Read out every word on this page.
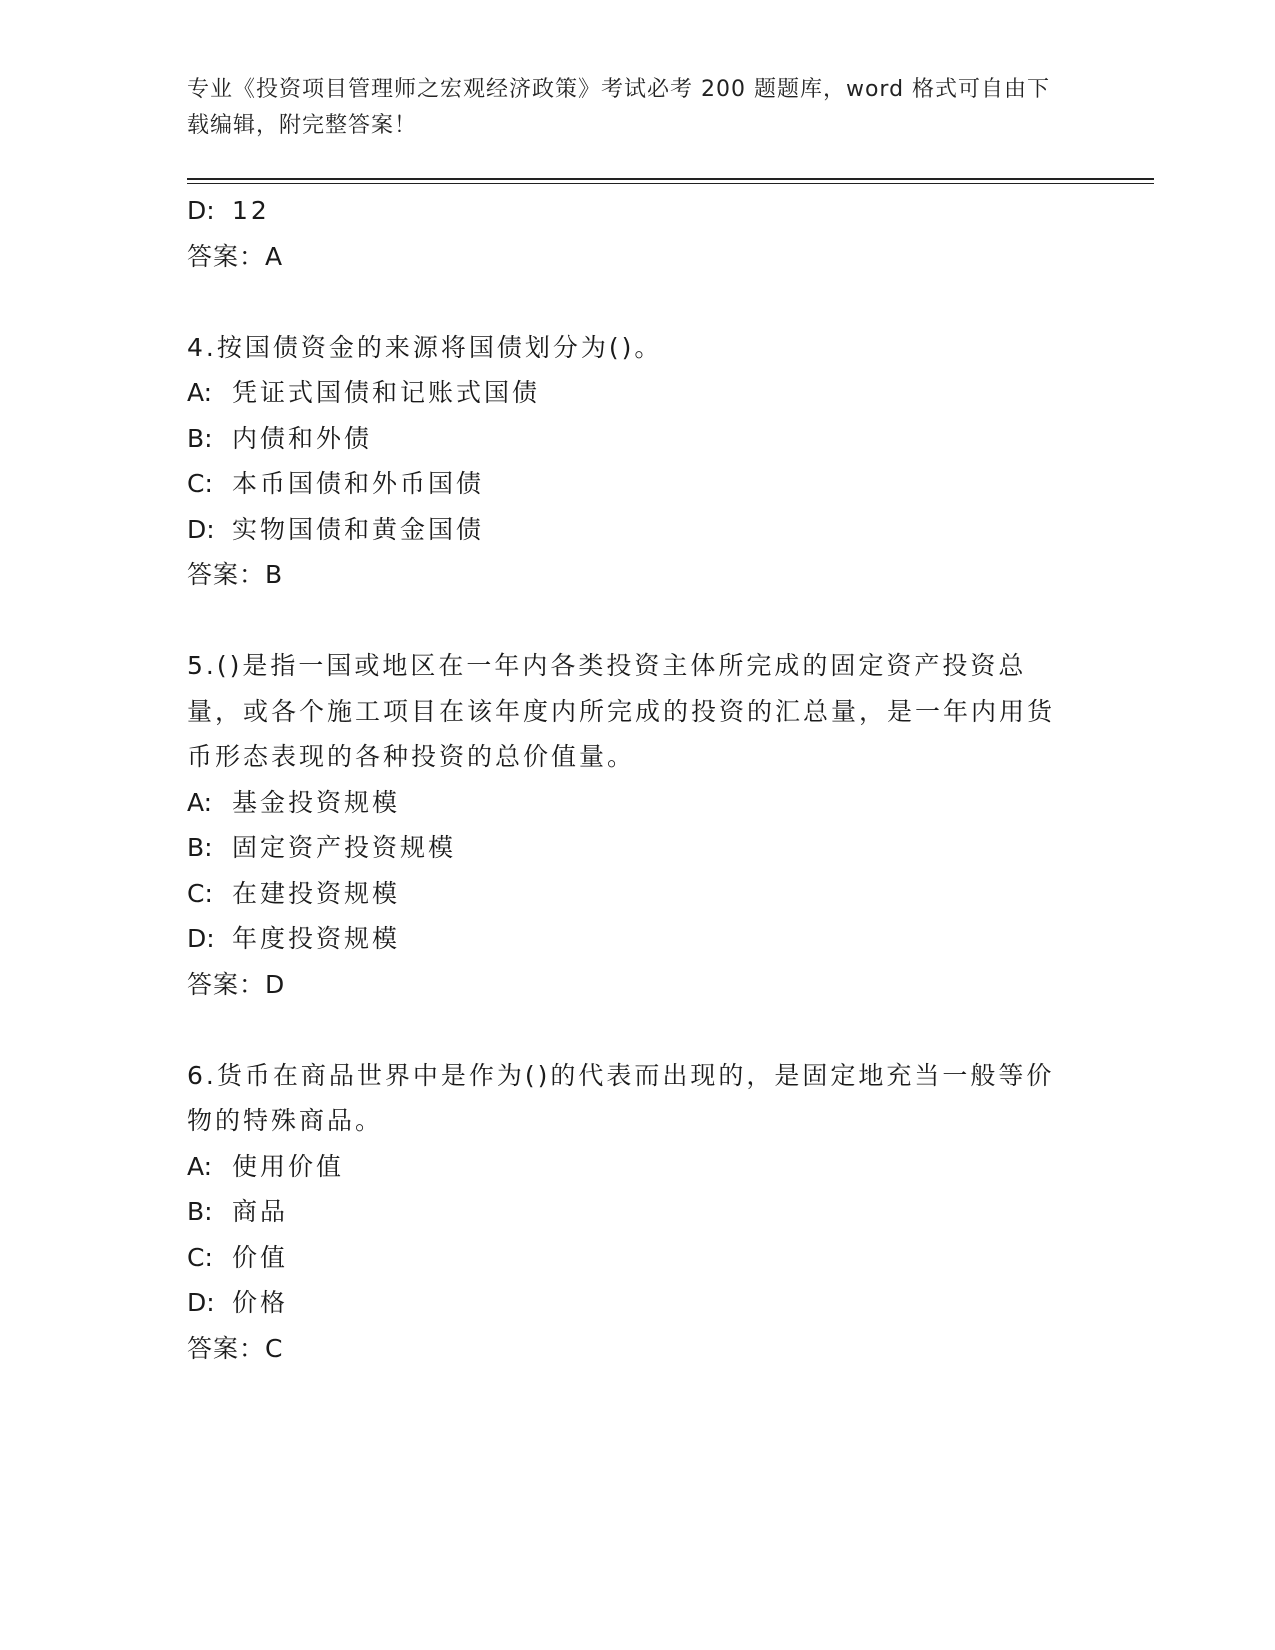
专业《投资项目管理师之宏观经济政策》考试必考 200 题题库，word 格式可自由下载编辑，附完整答案！
D: 12
答案：A
4.按国债资金的来源将国债划分为()。
A: 凭证式国债和记账式国债
B: 内债和外债
C: 本币国债和外币国债
D: 实物国债和黄金国债
答案：B
5.()是指一国或地区在一年内各类投资主体所完成的固定资产投资总量，或各个施工项目在该年度内所完成的投资的汇总量，是一年内用货币形态表现的各种投资的总价值量。
A: 基金投资规模
B: 固定资产投资规模
C: 在建投资规模
D: 年度投资规模
答案：D
6.货币在商品世界中是作为()的代表而出现的，是固定地充当一般等价物的特殊商品。
A: 使用价值
B: 商品
C: 价值
D: 价格
答案：C
